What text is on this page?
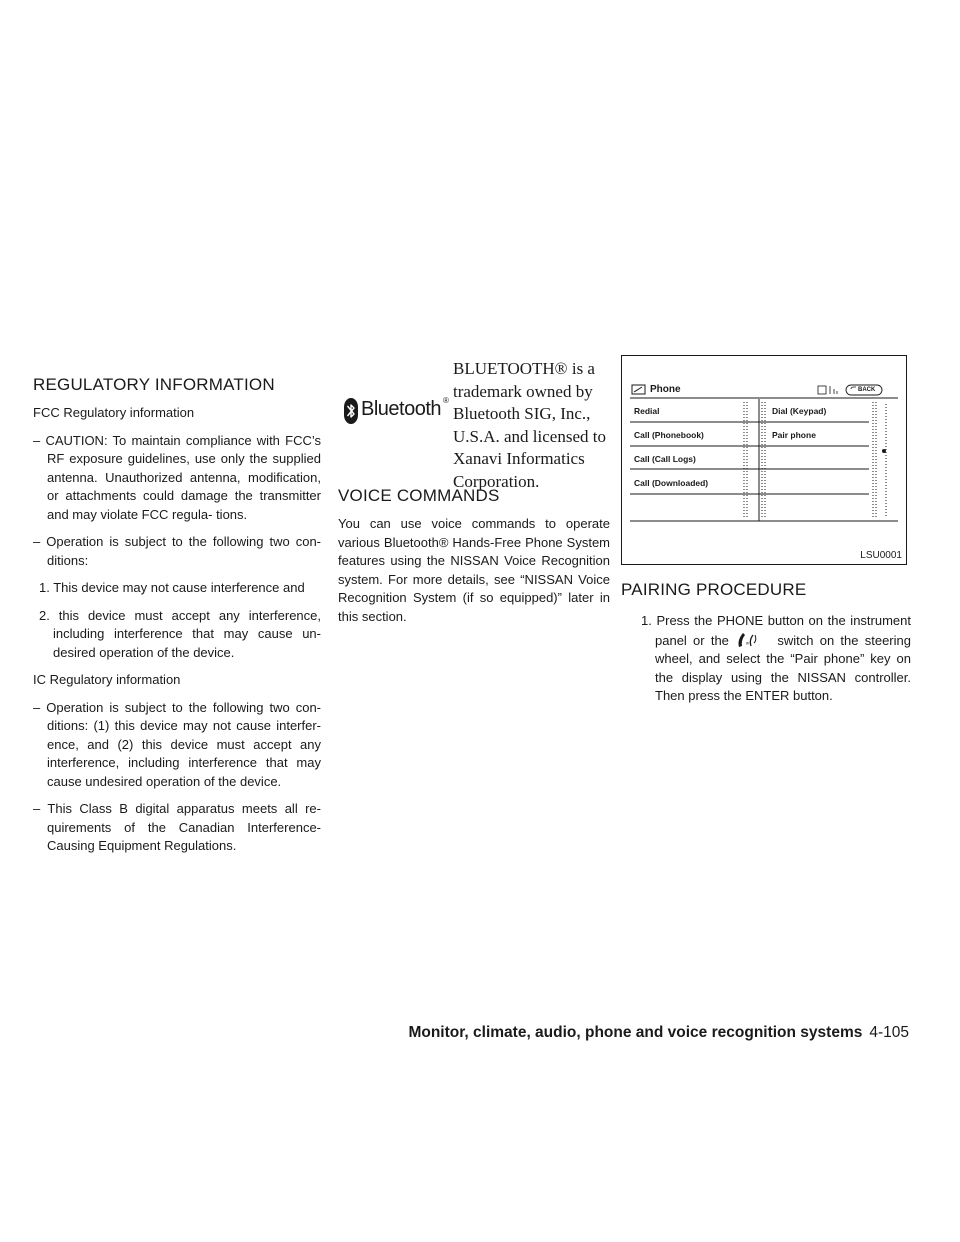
REGULATORY INFORMATION
FCC Regulatory information
– CAUTION: To maintain compliance with FCC’s RF exposure guidelines, use only the supplied antenna. Unauthorized antenna, modification, or attachments could damage the transmitter and may violate FCC regula- tions.
– Operation is subject to the following two con- ditions:
1. This device may not cause interference and
2. this device must accept any interference, including interference that may cause un- desired operation of the device.
IC Regulatory information
– Operation is subject to the following two con- ditions: (1) this device may not cause interfer- ence, and (2) this device must accept any interference, including interference that may cause undesired operation of the device.
– This Class B digital apparatus meets all re- quirements of the Canadian Interference- Causing Equipment Regulations.
Bluetooth ®
BLUETOOTH® is a trademark owned by Bluetooth SIG, Inc., U.S.A. and licensed to Xanavi Informatics Corporation.
VOICE COMMANDS
You can use voice commands to operate various Bluetooth® Hands-Free Phone System features using the NISSAN Voice Recognition system. For more details, see “NISSAN Voice Recognition System (if so equipped)” later in this section.
Phone	BACK
Redial
Call (Phonebook)
Call (Call Logs)
Call (Downloaded)
Dial (Keypad)
Pair phone
LSU0001
PAIRING PROCEDURE
1. Press the PHONE button on the instrument panel or the	ʷ switch on the steering wheel, and select the “Pair phone” key on the display using the NISSAN controller. Then press the ENTER button.
Monitor, climate, audio, phone and voice recognition systems 4-105
